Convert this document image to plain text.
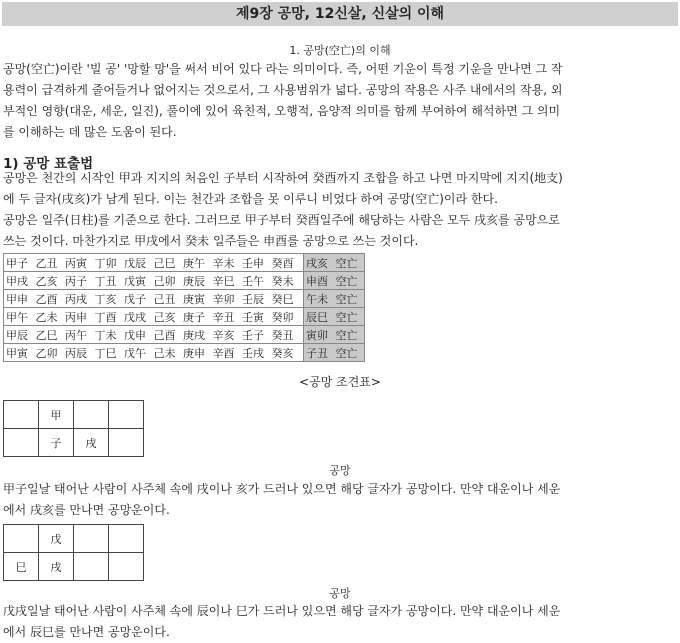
제9장 공망, 12신살, 신살의 이해
1. 공망(空亡)의 이해
공망(空亡)이란 '빌 공' '망할 망'을 써서 비어 있다 라는 의미이다. 즉, 어떤 기운이 특정 기운을 만나면 그 작
용력이 급격하게 줄어들거나 없어지는 것으로서, 그 사용범위가 넓다. 공망의 작용은 사주 내에서의 작용, 외
부적인 영향(대운, 세운, 일진), 풀이에 있어 육친적, 오행적, 음양적 의미를 함께 부여하여 해석하면 그 의미
를 이해하는 데 많은 도움이 된다.
1) 공망 표출법
공망은 천간의 시작인 甲과 지지의 처음인 子부터 시작하여 癸酉까지 조합을 하고 나면 마지막에 지지(地支)
에 두 글자(戌亥)가 남게 된다. 이는 천간과 조합을 못 이루니 비었다 하여 공망(空亡)이라 한다.
공망은 일주(日柱)를 기준으로 한다. 그러므로 甲子부터 癸酉일주에 해당하는 사람은 모두 戌亥를 공망으로
쓰는 것이다. 마찬가지로 甲戌에서 癸未 일주들은 申酉를 공망으로 쓰는 것이다.
甲子 乙丑 丙寅 丁卯 戊辰 己巳 庚午 辛未 壬申 癸酉	戌亥 空亡
甲戌 乙亥 丙子 丁丑 戊寅 己卯 庚辰 辛巳 壬午 癸未	申酉 空亡
甲申 乙酉 丙戌 丁亥 戊子 己丑 庚寅 辛卯 壬辰 癸巳	午未 空亡
甲午 乙未 丙申 丁酉 戊戌 己亥 庚子 辛丑 壬寅 癸卯	辰巳 空亡
甲辰 乙巳 丙午 丁未 戊申 己酉 庚戌 辛亥 壬子 癸丑	寅卯 空亡
甲寅 乙卯 丙辰 丁巳 戊午 己未 庚申 辛酉 壬戌 癸亥	子丑 空亡
<공망 조견표>
	甲		
	子	戌	
공망
甲子일날 태어난 사람이 사주체 속에 戌이나 亥가 드러나 있으면 해당 글자가 공망이다. 만약 대운이나 세운
에서 戌亥를 만나면 공망운이다.
	戊		
巳	戌		
공망
戊戌일날 태어난 사람이 사주체 속에 辰이나 巳가 드러나 있으면 해당 글자가 공망이다. 만약 대운이나 세운
에서 辰巳를 만나면 공망운이다.
